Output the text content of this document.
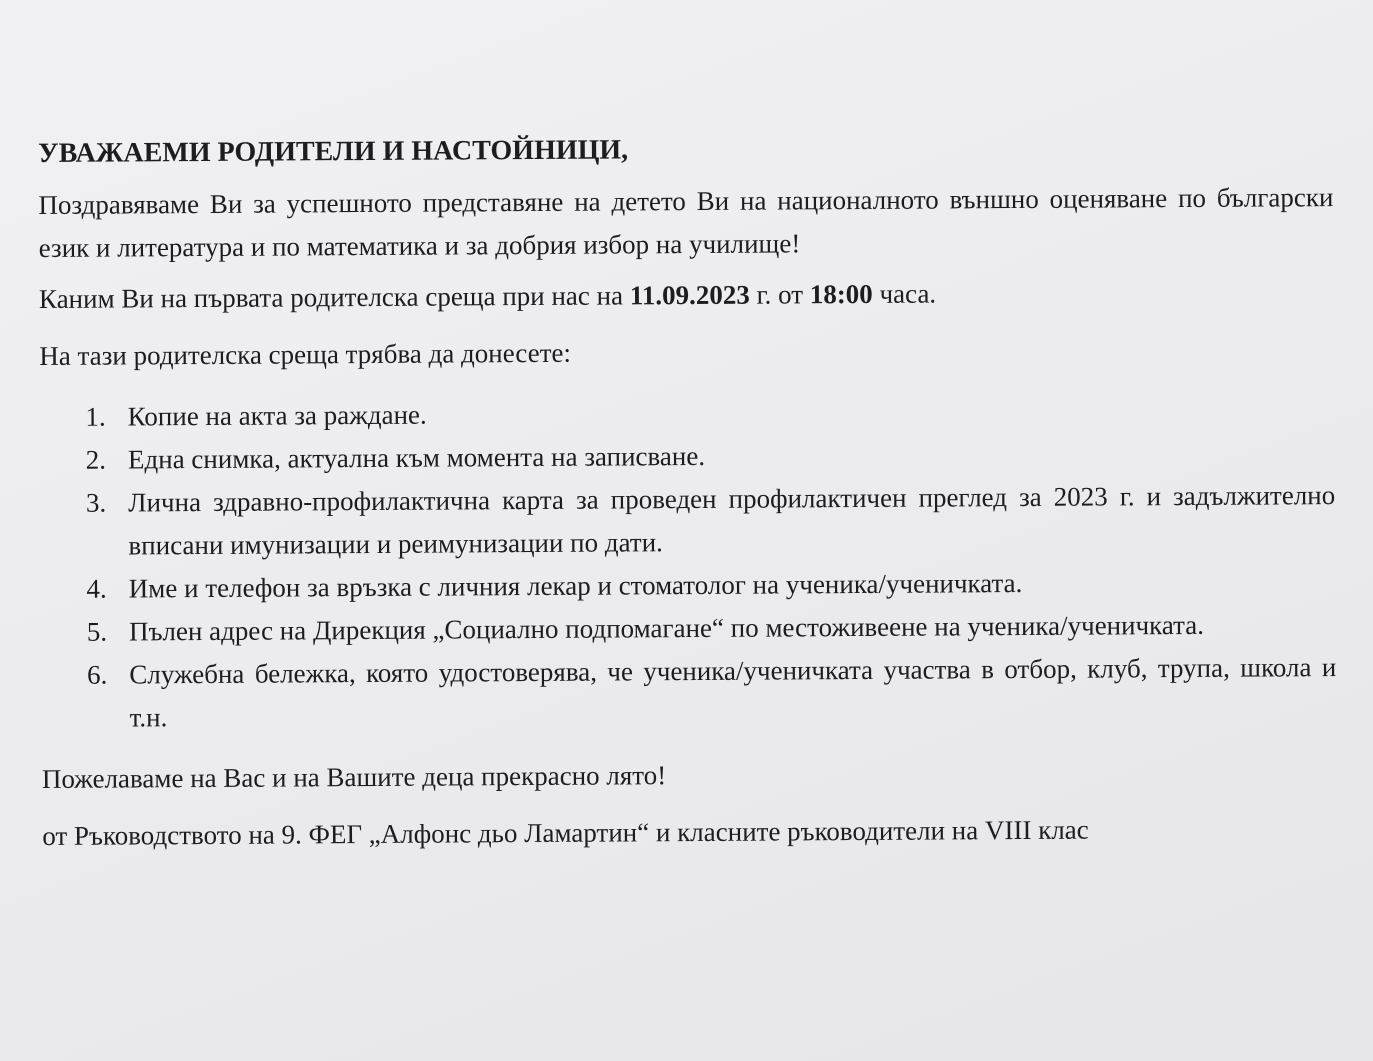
УВАЖАЕМИ РОДИТЕЛИ И НАСТОЙНИЦИ,

Поздравяваме Ви за успешното представяне на детето Ви на националното външно оценяване по български език и литература и по математика и за добрия избор на училище!

Каним Ви на първата родителска среща при нас на 11.09.2023 г. от 18:00 часа.

На тази родителска среща трябва да донесете:

1. Копие на акта за раждане.
2. Една снимка, актуална към момента на записване.
3. Лична здравно-профилактична карта за проведен профилактичен преглед за 2023 г. и задължително вписани имунизации и реимунизации по дати.
4. Име и телефон за връзка с личния лекар и стоматолог на ученика/ученичката.
5. Пълен адрес на Дирекция „Социално подпомагане“ по местоживеене на ученика/ученичката.
6. Служебна бележка, която удостоверява, че ученика/ученичката участва в отбор, клуб, трупа, школа и т.н.

Пожелаваме на Вас и на Вашите деца прекрасно лято!

от Ръководството на 9. ФЕГ „Алфонс дьо Ламартин“ и класните ръководители на VIII клас
